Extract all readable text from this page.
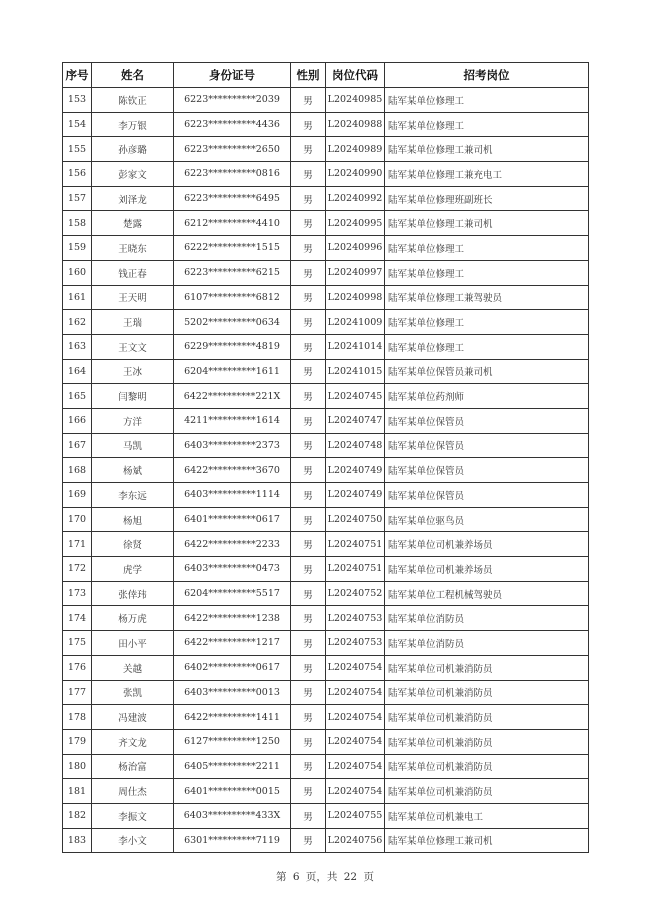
序号	姓名	身份证号	性别	岗位代码	招考岗位
153	陈钦正	6223**********2039	男	L20240985	陆军某单位修理工
154	李万银	6223**********4436	男	L20240988	陆军某单位修理工
155	孙彦璐	6223**********2650	男	L20240989	陆军某单位修理工兼司机
156	彭家文	6223**********0816	男	L20240990	陆军某单位修理工兼充电工
157	刘泽龙	6223**********6495	男	L20240992	陆军某单位修理班副班长
158	楚露	6212**********4410	男	L20240995	陆军某单位修理工兼司机
159	王晓东	6222**********1515	男	L20240996	陆军某单位修理工
160	钱正春	6223**********6215	男	L20240997	陆军某单位修理工
161	王天明	6107**********6812	男	L20240998	陆军某单位修理工兼驾驶员
162	王瑞	5202**********0634	男	L20241009	陆军某单位修理工
163	王文文	6229**********4819	男	L20241014	陆军某单位修理工
164	王冰	6204**********1611	男	L20241015	陆军某单位保管员兼司机
165	闫黎明	6422**********221X	男	L20240745	陆军某单位药剂师
166	方洋	4211**********1614	男	L20240747	陆军某单位保管员
167	马凯	6403**********2373	男	L20240748	陆军某单位保管员
168	杨斌	6422**********3670	男	L20240749	陆军某单位保管员
169	李东远	6403**********1114	男	L20240749	陆军某单位保管员
170	杨旭	6401**********0617	男	L20240750	陆军某单位驱鸟员
171	徐贤	6422**********2233	男	L20240751	陆军某单位司机兼养场员
172	虎学	6403**********0473	男	L20240751	陆军某单位司机兼养场员
173	张倖玮	6204**********5517	男	L20240752	陆军某单位工程机械驾驶员
174	杨万虎	6422**********1238	男	L20240753	陆军某单位消防员
175	田小平	6422**********1217	男	L20240753	陆军某单位消防员
176	关越	6402**********0617	男	L20240754	陆军某单位司机兼消防员
177	张凯	6403**********0013	男	L20240754	陆军某单位司机兼消防员
178	冯建波	6422**********1411	男	L20240754	陆军某单位司机兼消防员
179	齐文龙	6127**********1250	男	L20240754	陆军某单位司机兼消防员
180	杨治富	6405**********2211	男	L20240754	陆军某单位司机兼消防员
181	周仕杰	6401**********0015	男	L20240754	陆军某单位司机兼消防员
182	李振文	6403**********433X	男	L20240755	陆军某单位司机兼电工
183	李小文	6301**********7119	男	L20240756	陆军某单位修理工兼司机
第 6 页，共 22 页
